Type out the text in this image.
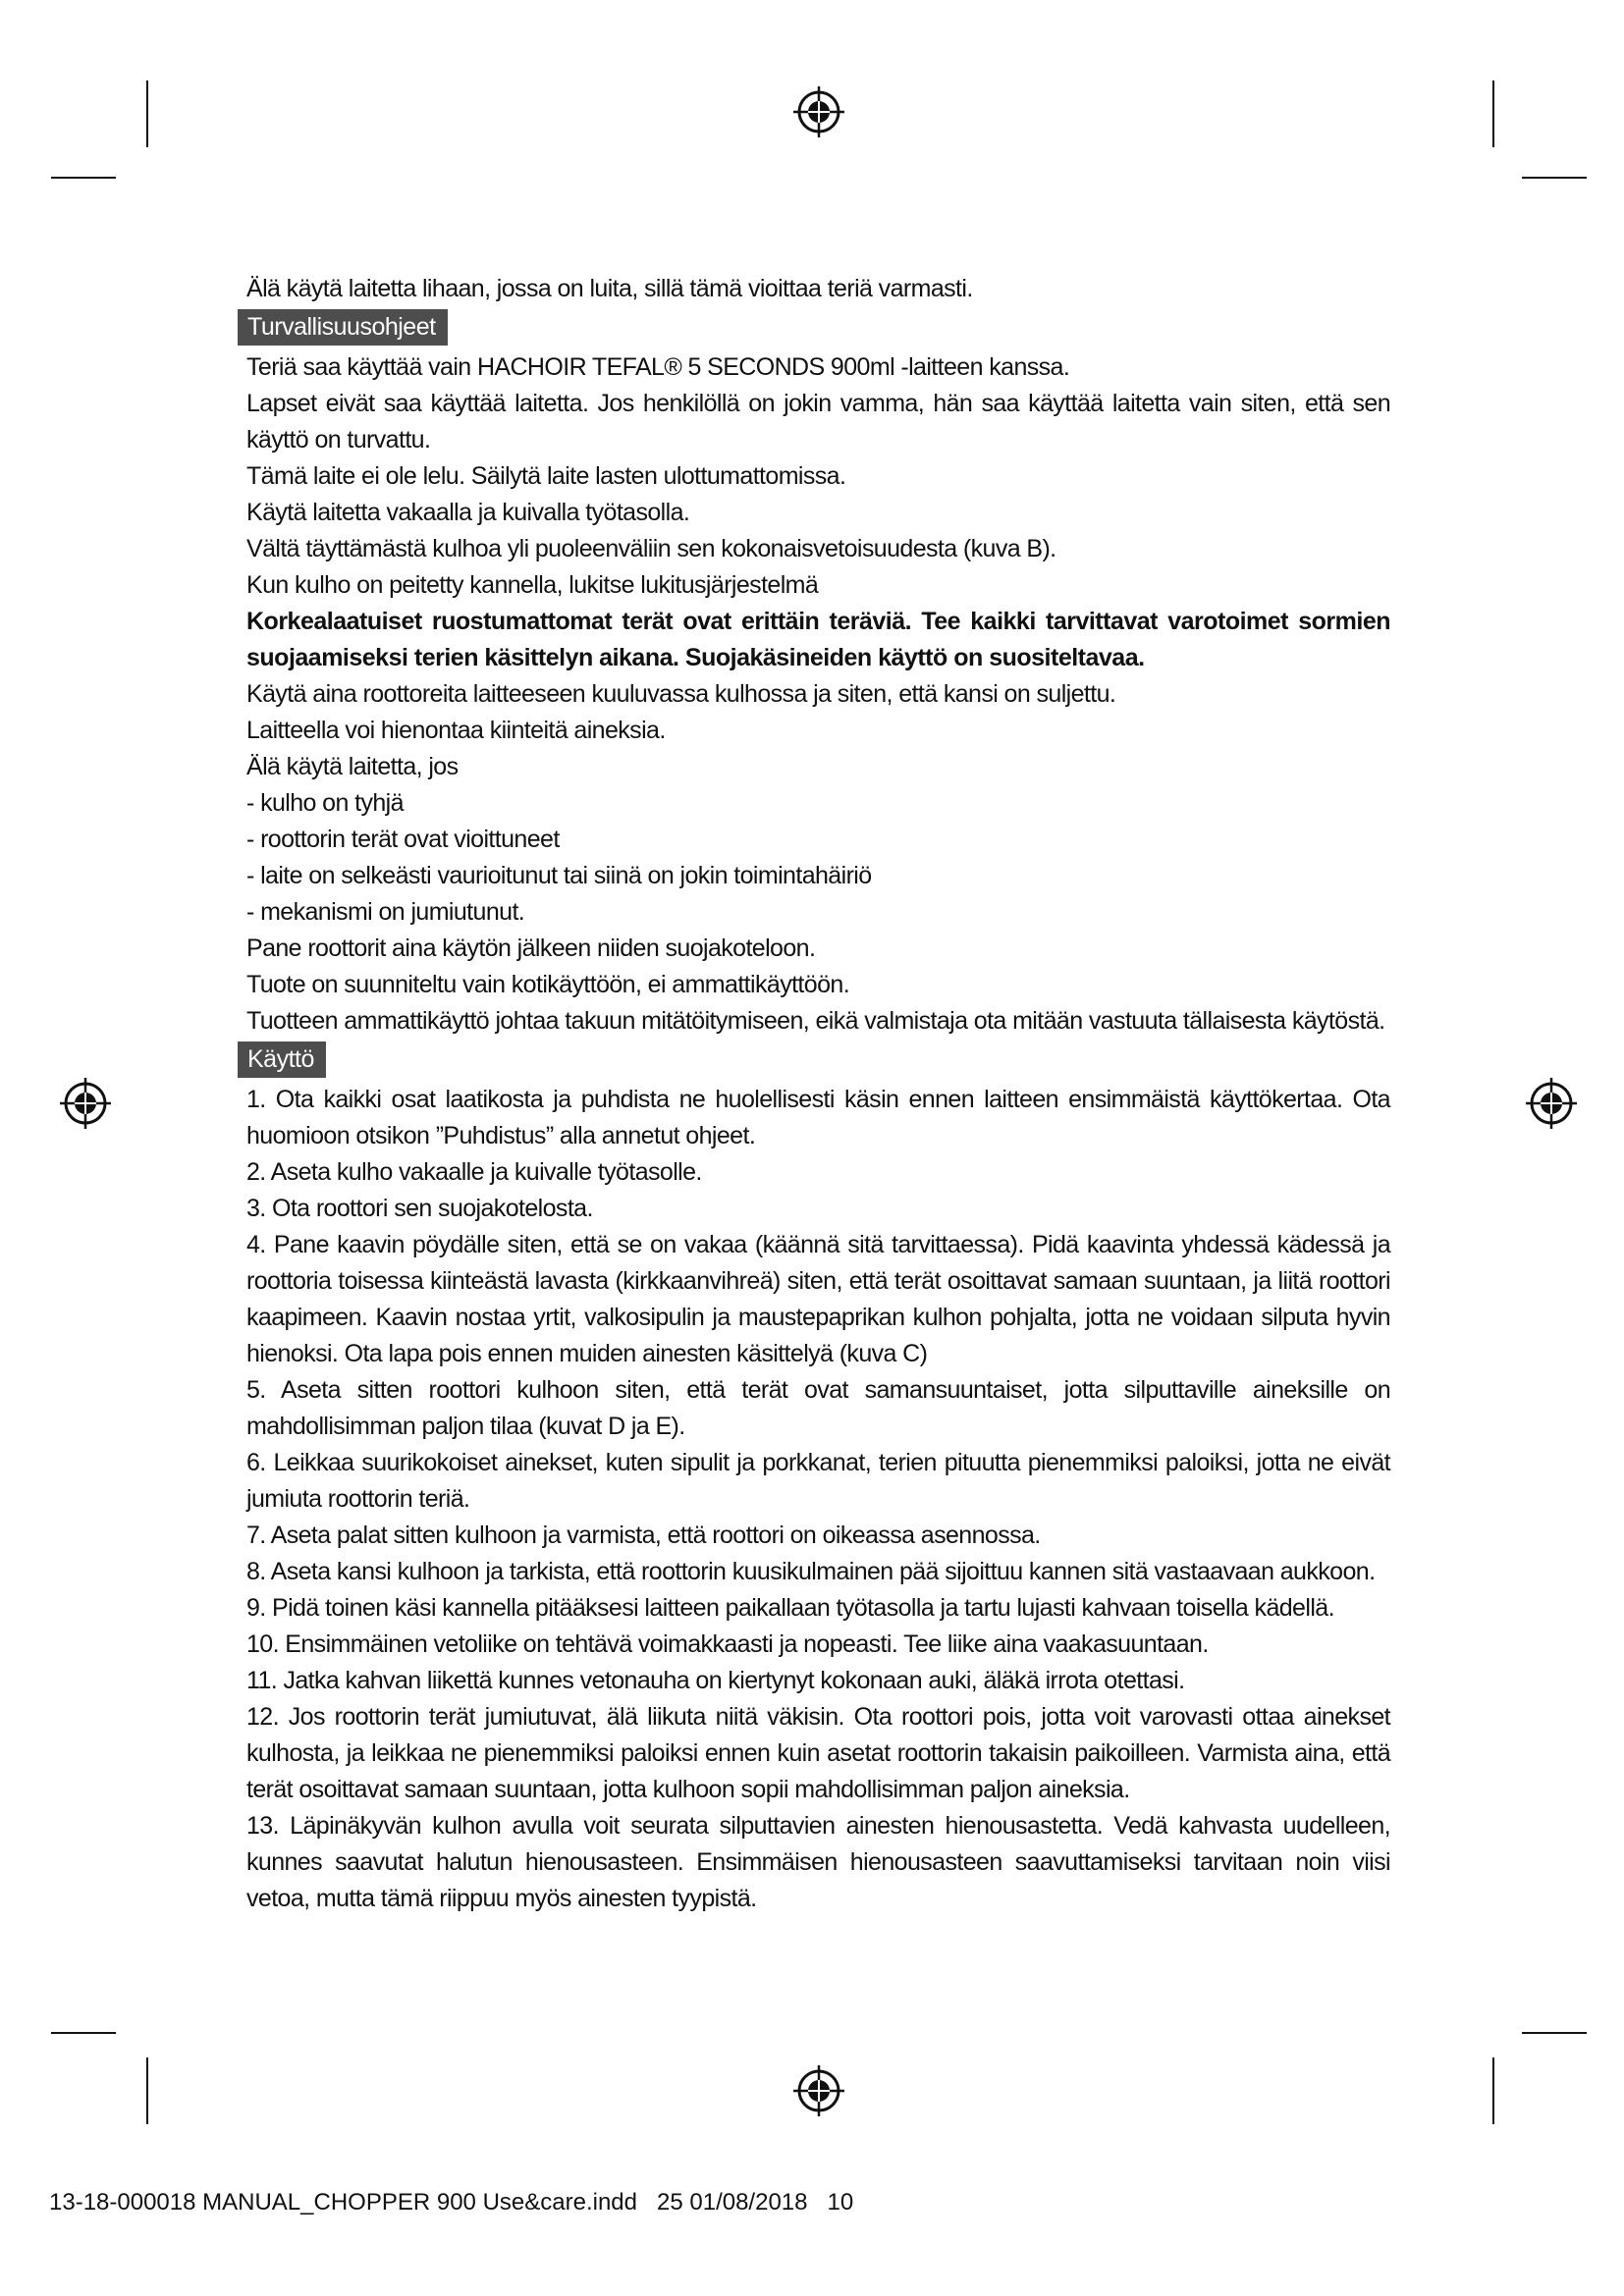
Älä käytä laitetta lihaan, jossa on luita, sillä tämä vioittaa teriä varmasti.

Turvallisuusohjeet

Teriä saa käyttää vain HACHOIR TEFAL® 5 SECONDS 900ml -laitteen kanssa.

Lapset eivät saa käyttää laitetta. Jos henkilöllä on jokin vamma, hän saa käyttää laitetta vain siten, että sen käyttö on turvattu.

Tämä laite ei ole lelu. Säilytä laite lasten ulottumattomissa.

Käytä laitetta vakaalla ja kuivalla työtasolla.

Vältä täyttämästä kulhoa yli puoleenväliin sen kokonaisvetoisuudesta (kuva B).

Kun kulho on peitetty kannella, lukitse lukitusjärjestelmä

Korkealaatuiset ruostumattomat terät ovat erittäin teräviä. Tee kaikki tarvittavat varotoimet sormien suojaamiseksi terien käsittelyn aikana. Suojakäsineiden käyttö on suositeltavaa.

Käytä aina roottoreita laitteeseen kuuluvassa kulhossa ja siten, että kansi on suljettu.

Laitteella voi hienontaa kiinteitä aineksia.

Älä käytä laitetta, jos

- kulho on tyhjä

- roottorin terät ovat vioittuneet

- laite on selkeästi vaurioitunut tai siinä on jokin toimintahäiriö

- mekanismi on jumiutunut.

Pane roottorit aina käytön jälkeen niiden suojakoteloon.

Tuote on suunniteltu vain kotikäyttöön, ei ammattikäyttöön.

Tuotteen ammattikäyttö johtaa takuun mitätöitymiseen, eikä valmistaja ota mitään vastuuta tällaisesta käytöstä.

Käyttö

1. Ota kaikki osat laatikosta ja puhdista ne huolellisesti käsin ennen laitteen ensimmäistä käyttökertaa. Ota huomioon otsikon ”Puhdistus” alla annetut ohjeet.

2. Aseta kulho vakaalle ja kuivalle työtasolle.

3. Ota roottori sen suojakotelosta.

4. Pane kaavin pöydälle siten, että se on vakaa (käännä sitä tarvittaessa). Pidä kaavinta yhdessä kädessä ja roottoria toisessa kiinteästä lavasta (kirkkaanvihreä) siten, että terät osoittavat samaan suuntaan, ja liitä roottori kaapimeen. Kaavin nostaa yrtit, valkosipulin ja maustepaprikan kulhon pohjalta, jotta ne voidaan silputa hyvin hienoksi. Ota lapa pois ennen muiden ainesten käsittelyä (kuva C)

5. Aseta sitten roottori kulhoon siten, että terät ovat samansuuntaiset, jotta silputtaville aineksille on mahdollisimman paljon tilaa (kuvat D ja E).

6. Leikkaa suurikokoiset ainekset, kuten sipulit ja porkkanat, terien pituutta pienemmiksi paloiksi, jotta ne eivät jumiuta roottorin teriä.

7. Aseta palat sitten kulhoon ja varmista, että roottori on oikeassa asennossa.

8. Aseta kansi kulhoon ja tarkista, että roottorin kuusikulmainen pää sijoittuu kannen sitä vastaavaan aukkoon.

9. Pidä toinen käsi kannella pitääksesi laitteen paikallaan työtasolla ja tartu lujasti kahvaan toisella kädellä.

10. Ensimmäinen vetoliike on tehtävä voimakkaasti ja nopeasti. Tee liike aina vaakasuuntaan.

11. Jatka kahvan liikettä kunnes vetonauha on kiertynyt kokonaan auki, äläkä irrota otettasi.

12. Jos roottorin terät jumiutuvat, älä liikuta niitä väkisin. Ota roottori pois, jotta voit varovasti ottaa ainekset kulhosta, ja leikkaa ne pienemmiksi paloiksi ennen kuin asetat roottorin takaisin paikoilleen. Varmista aina, että terät osoittavat samaan suuntaan, jotta kulhoon sopii mahdollisimman paljon aineksia.

13. Läpinäkyvän kulhon avulla voit seurata silputtavien ainesten hienousastetta. Vedä kahvasta uudelleen, kunnes saavutat halutun hienousasteen. Ensimmäisen hienousasteen saavuttamiseksi tarvitaan noin viisi vetoa, mutta tämä riippuu myös ainesten tyypistä.

13-18-000018 MANUAL_CHOPPER 900 Use&care.indd 25 01/08/2018 10
